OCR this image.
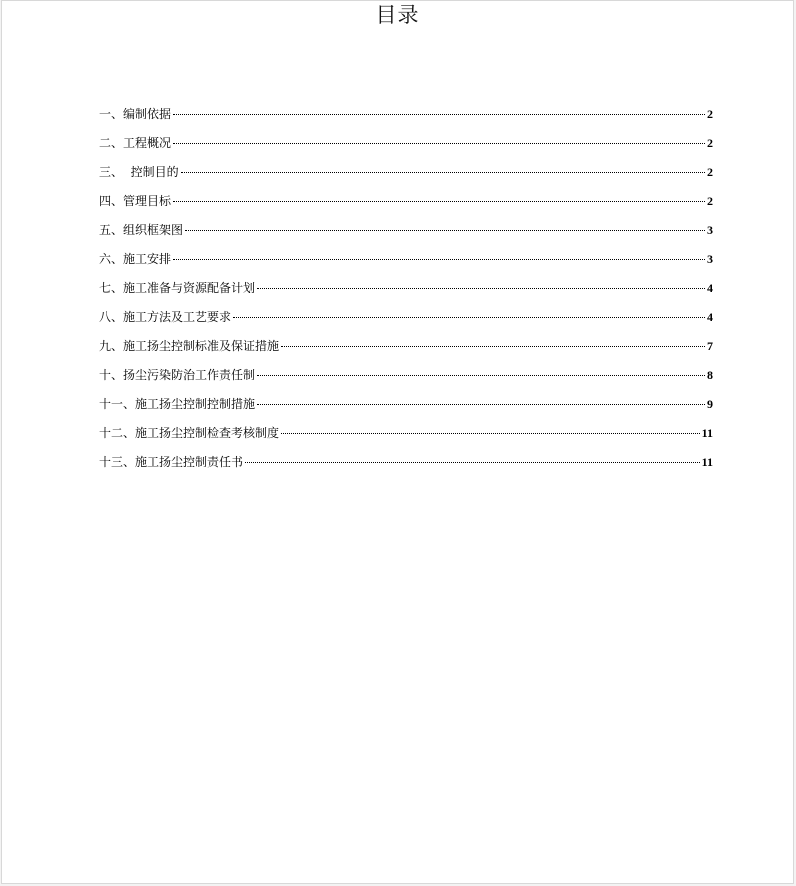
目录
一、编制依据	2
二、工程概况	2
三、  控制目的	2
四、管理目标	2
五、组织框架图	3
六、施工安排	3
七、施工准备与资源配备计划	4
八、施工方法及工艺要求	4
九、施工扬尘控制标准及保证措施	7
十、扬尘污染防治工作责任制	8
十一、施工扬尘控制控制措施	9
十二、施工扬尘控制检查考核制度	11
十三、施工扬尘控制责任书	11
